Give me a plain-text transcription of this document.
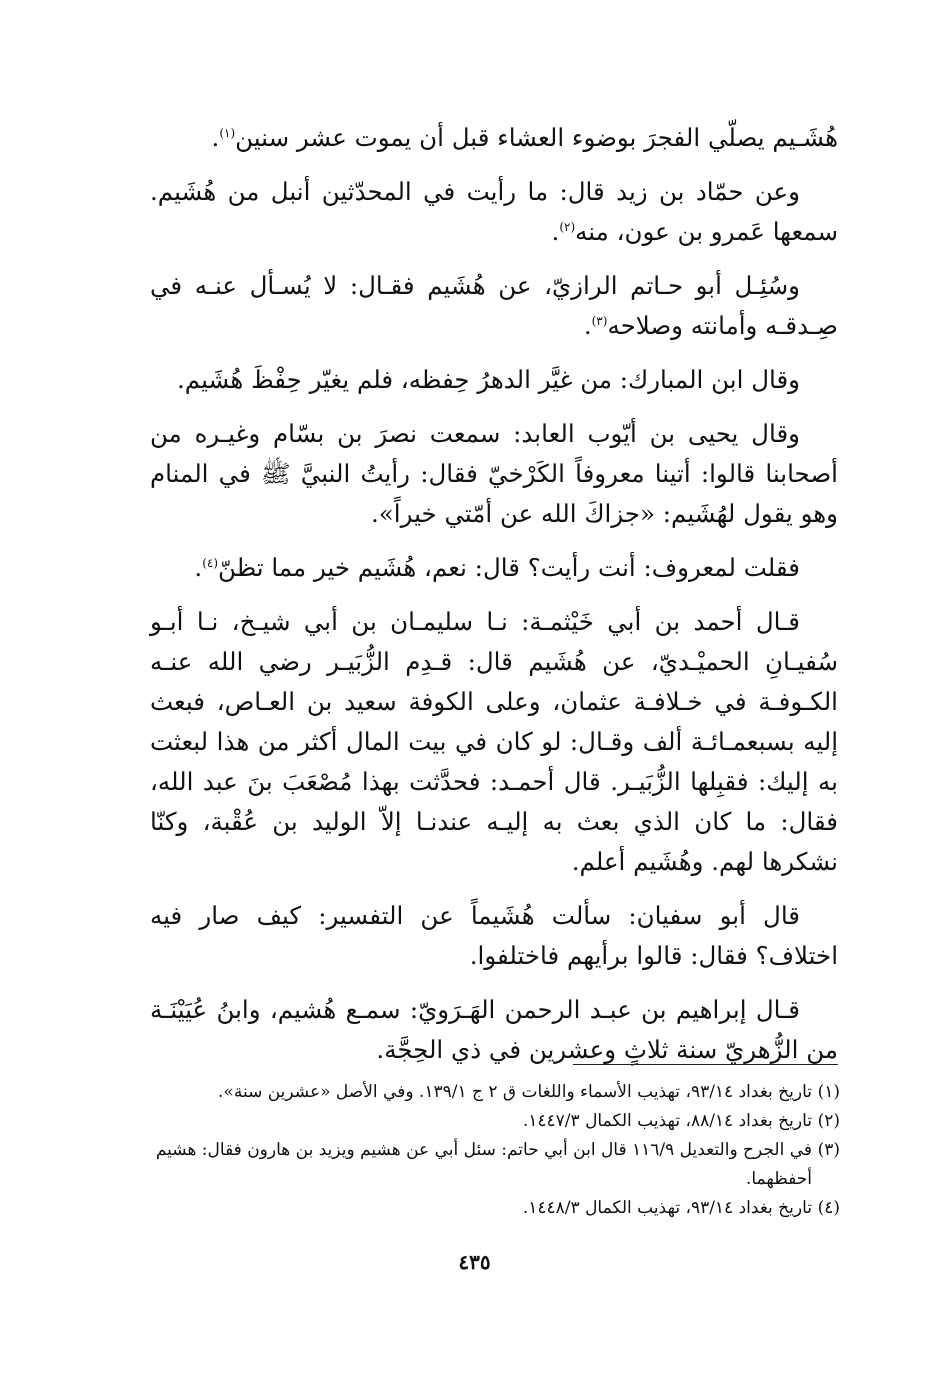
هُشَـيم يصلّي الفجرَ بوضوء العشاء قبل أن يموت عشر سنين$^{(١)}$.

وعن حمّاد بن زيد قال: ما رأيت في المحدّثين أنبل من هُشَيم. سمعها عَمرو بن عون، منه$^{(٢)}$.

وسُئِـل أبو حـاتم الرازيّ، عن هُشَيم فقـال: لا يُسـأل عنـه في صِـدقـه وأمانته وصلاحه$^{(٣)}$.

وقال ابن المبارك: من غيَّر الدهرُ حِفظه، فلم يغيّر حِفْظَ هُشَيم.

وقال يحيى بن أيّوب العابد: سمعت نصرَ بن بسّام وغيـره من أصحابنا قالوا: أتينا معروفاً الكَرْخيّ فقال: رأيتُ النبيَّ ﷺ في المنام وهو يقول لهُشَيم: «جزاكَ الله عن أمّتي خيراً».

فقلت لمعروف: أنت رأيت؟ قال: نعم، هُشَيم خير مما تظنّ$^{(٤)}$.

قـال أحمد بن أبي خَيْثمـة: نـا سليمـان بن أبي شيـخ، نـا أبـو سُفيـانِ الحميْـديّ، عن هُشَيم قال: قـدِم الزُّبَيـر رضي الله عنـه الكـوفـة في خـلافـة عثمان، وعلى الكوفة سعيد بن العـاص، فبعث إليه بسبعمـائـة ألف وقـال: لو كان في بيت المال أكثر من هذا لبعثت به إليك: فقبِلها الزُّبَيـر. قال أحمـد: فحدَّثت بهذا مُصْعَبَ بنَ عبد الله، فقال: ما كان الذي بعث به إليـه عندنـا إلاّ الوليد بن عُقْبة، وكنّا نشكرها لهم. وهُشَيم أعلم.

قال أبو سفيان: سألت هُشَيماً عن التفسير: كيف صار فيه اختلاف؟ فقال: قالوا برأيهم فاختلفوا.

قـال إبراهيم بن عبـد الرحمن الهَـرَويّ: سمـع هُشيم، وابنُ عُيَيْنَـة من الزُّهريّ سنة ثلاثٍ وعشرين في ذي الحِجَّة.

(١)تاريخ بغداد ٩٣/١٤، تهذيب الأسماء واللغات ق ٢ ج ١٣٩/١. وفي الأصل «عشرين سنة».

(٢)تاريخ بغداد ٨٨/١٤، تهذيب الكمال ١٤٤٧/٣.

(٣)في الجرح والتعديل ١١٦/٩ قال ابن أبي حاتم: سئل أبي عن هشيم ويزيد بن هارون فقال: هشيم أحفظهما.

(٤)تاريخ بغداد ٩٣/١٤، تهذيب الكمال ١٤٤٨/٣.

٤٣٥
